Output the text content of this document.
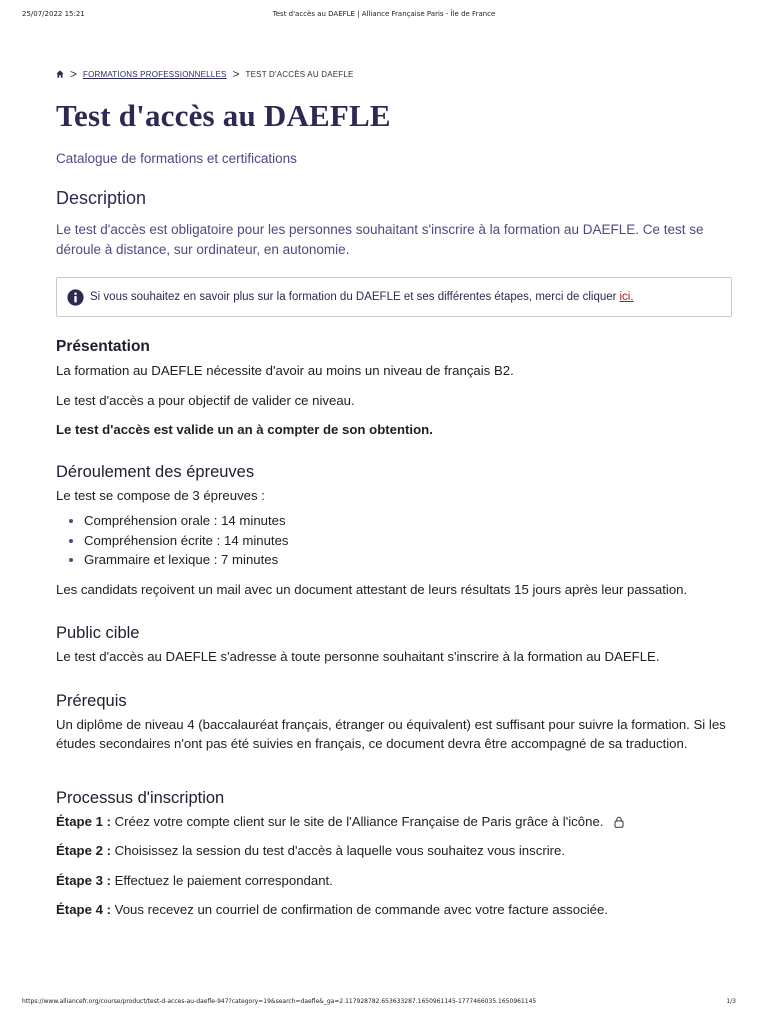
25/07/2022 15:21	Test d'accès au DAEFLE | Alliance Française Paris - Île de France
> FORMATIONS PROFESSIONNELLES > TEST D'ACCÈS AU DAEFLE
Test d'accès au DAEFLE
Catalogue de formations et certifications
Description
Le test d'accès est obligatoire pour les personnes souhaitant s'inscrire à la formation au DAEFLE. Ce test se déroule à distance, sur ordinateur, en autonomie.
Si vous souhaitez en savoir plus sur la formation du DAEFLE et ses différentes étapes, merci de cliquer ici.
Présentation

La formation au DAEFLE nécessite d'avoir au moins un niveau de français B2.

Le test d'accès a pour objectif de valider ce niveau.

Le test d'accès est valide un an à compter de son obtention.

Déroulement des épreuves

Le test se compose de 3 épreuves :

• Compréhension orale : 14 minutes
• Compréhension écrite : 14 minutes
• Grammaire et lexique : 7 minutes

Les candidats reçoivent un mail avec un document attestant de leurs résultats 15 jours après leur passation.

Public cible

Le test d'accès au DAEFLE s'adresse à toute personne souhaitant s'inscrire à la formation au DAEFLE.

Prérequis

Un diplôme de niveau 4 (baccalauréat français, étranger ou équivalent) est suffisant pour suivre la formation. Si les études secondaires n'ont pas été suivies en français, ce document devra être accompagné de sa traduction.

Processus d'inscription

Étape 1 : Créez votre compte client sur le site de l'Alliance Française de Paris grâce à l'icône.

Étape 2 : Choisissez la session du test d'accès à laquelle vous souhaitez vous inscrire.

Étape 3 : Effectuez le paiement correspondant.

Étape 4 : Vous recevez un courriel de confirmation de commande avec votre facture associée.

https://www.alliancefr.org/course/product/test-d-acces-au-daefle-947?category=19&search=daefle&_ga=2.117928782.653633287.1650961145-1777466035.1650961145	1/3
